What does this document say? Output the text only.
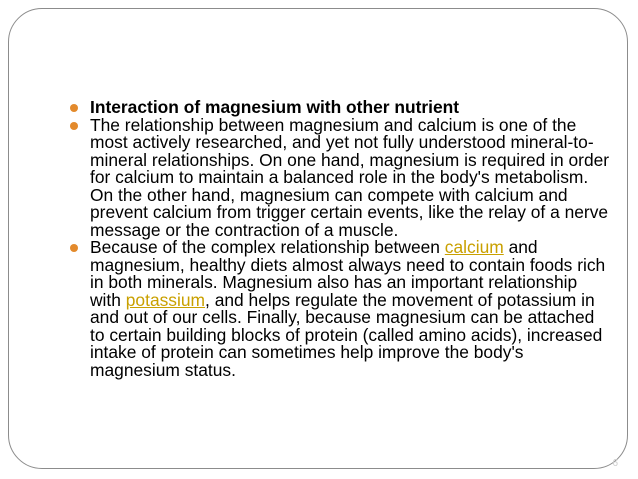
Interaction of magnesium with other nutrient

The relationship between magnesium and calcium is one of the most actively researched, and yet not fully understood mineral-to-mineral relationships. On one hand, magnesium is required in order for calcium to maintain a balanced role in the body's metabolism. On the other hand, magnesium can compete with calcium and prevent calcium from trigger certain events, like the relay of a nerve message or the contraction of a muscle.

Because of the complex relationship between calcium and magnesium, healthy diets almost always need to contain foods rich in both minerals. Magnesium also has an important relationship with potassium, and helps regulate the movement of potassium in and out of our cells. Finally, because magnesium can be attached to certain building blocks of protein (called amino acids), increased intake of protein can sometimes help improve the body's magnesium status.

6
